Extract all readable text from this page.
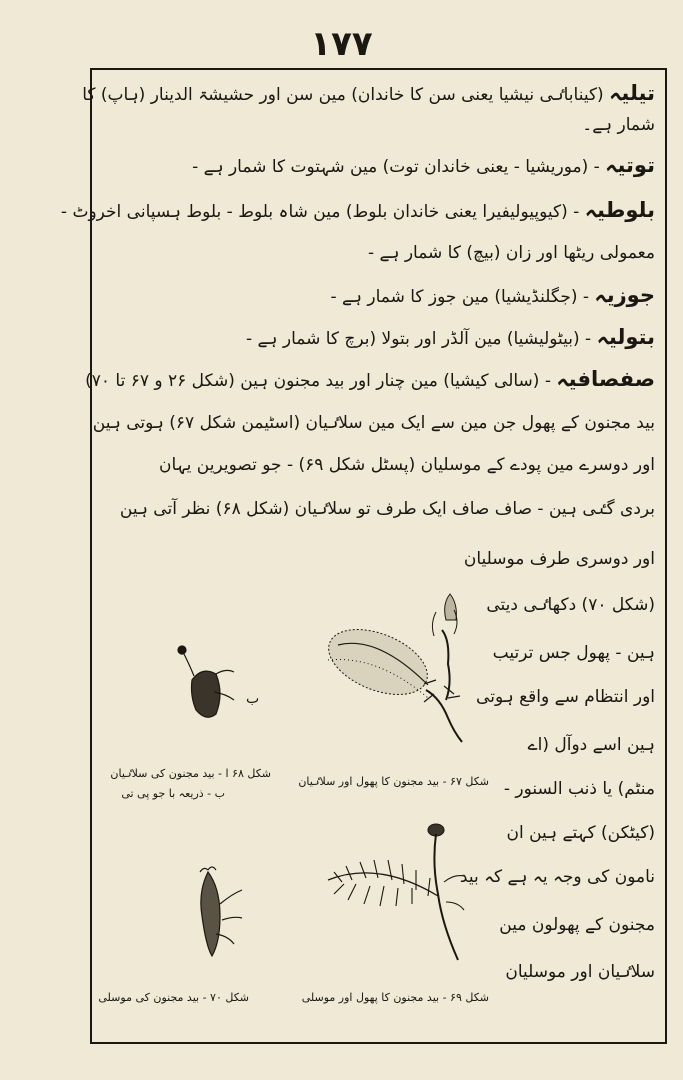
١٧٧
تیلیہ (کیناباٸی نیشیا یعنی سن کا خاندان) مین سن اور حشیشۃ الدینار (ہاپ) کا
شمار ہے۔
توتیہ - (موریشیا - یعنی خاندان توت) مین شہتوت کا شمار ہے -
بلوطیہ - (کیوپیولیفیرا یعنی خاندان بلوط) مین شاہ بلوط - بلوط ہسپانی اخروٹ -
معمولی ریٹھا اور زان (بیچ) کا شمار ہے -
جوزیہ - (جگلنڈیشیا) مین جوز کا شمار ہے -
بتولیہ - (بیٹولیشیا) مین آلڈر اور بتولا (برچ کا شمار ہے -
صفصافیہ - (سالی کیشیا) مین چنار اور بید مجنون ہین (شکل ۲۶ و ۶۷ تا ۷۰)
بید مجنون کے پھول جن مین سے ایک مین سلاٸیان (اسٹیمن شکل ۶۷) ہوتی ہین
اور دوسرے مین پودے کے موسلیان (پسٹل شکل ۶۹) - جو تصویرین یہان
بردی گٸی ہین - صاف صاف ایک طرف تو سلاٸیان (شکل ۶۸) نظر آتی ہین
اور دوسری طرف موسلیان
(شکل ۷۰) دکھاٸی دیتی
ہین - پھول جس ترتیب
اور انتظام سے واقع ہوتی
ہین اسے دوآل (اے
منٹم) یا ذنب السنور -
(کیٹکن) کہتے ہین ان
نامون کی وجہ یہ ہے کہ بید
مجنون کے پھولون مین
سلاٸیان اور موسلیان
ب
شکل ۶۷ - بید مجنون کا پھول اور سلاٸیان
شکل ۶۸ ا - بید مجنون کی سلاٸیان
ب - ذریعہ با جو پی تی
شکل ۶۹ - بید مجنون کا پھول اور موسلی
شکل ۷۰ - بید مجنون کی موسلی
